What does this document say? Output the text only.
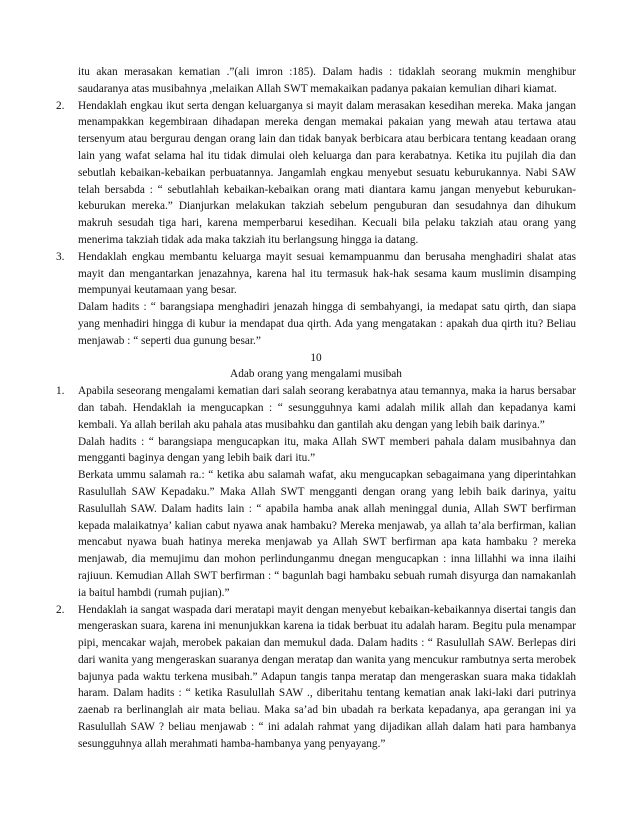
itu akan merasakan kematian .”(ali imron :185). Dalam hadis : tidaklah seorang mukmin menghibur saudaranya atas musibahnya ,melaikan Allah SWT memakaikan padanya pakaian kemulian dihari kiamat.

2. Hendaklah engkau ikut serta dengan keluarganya si mayit dalam merasakan kesedihan mereka. Maka jangan menampakkan kegembiraan dihadapan mereka dengan memakai pakaian yang mewah atau tertawa atau tersenyum atau bergurau dengan orang lain dan tidak banyak berbicara atau berbicara tentang keadaan orang lain yang wafat selama hal itu tidak dimulai oleh keluarga dan para kerabatnya. Ketika itu pujilah dia dan sebutlah kebaikan-kebaikan perbuatannya. Jangamlah engkau menyebut sesuatu keburukannya. Nabi SAW telah bersabda : “ sebutlahlah kebaikan-kebaikan orang mati diantara kamu jangan menyebut keburukan-keburukan mereka.” Dianjurkan melakukan takziah sebelum penguburan dan sesudahnya dan dihukum makruh sesudah tiga hari, karena memperbarui kesedihan. Kecuali bila pelaku takziah atau orang yang menerima takziah tidak ada maka takziah itu berlangsung hingga ia datang.

3. Hendaklah engkau membantu keluarga mayit sesuai kemampuanmu dan berusaha menghadiri shalat atas mayit dan mengantarkan jenazahnya, karena hal itu termasuk hak-hak sesama kaum muslimin disamping mempunyai keutamaan yang besar.

Dalam hadits : “ barangsiapa menghadiri jenazah hingga di sembahyangi, ia medapat satu qirth, dan siapa yang menhadiri hingga di kubur ia mendapat dua qirth. Ada yang mengatakan : apakah dua qirth itu? Beliau menjawab : “ seperti dua gunung besar.”

10

Adab orang yang mengalami musibah

1. Apabila seseorang mengalami kematian dari salah seorang kerabatnya atau temannya, maka ia harus bersabar dan tabah. Hendaklah ia mengucapkan : “ sesungguhnya kami adalah milik allah dan kepadanya kami kembali. Ya allah berilah aku pahala atas musibahku dan gantilah aku dengan yang lebih baik darinya.”

Dalah hadits : “ barangsiapa mengucapkan itu, maka Allah SWT memberi pahala dalam musibahnya dan mengganti baginya dengan yang lebih baik dari itu.”

Berkata ummu salamah ra.: “ ketika abu salamah wafat, aku mengucapkan sebagaimana yang diperintahkan Rasulullah SAW Kepadaku.” Maka Allah SWT mengganti dengan orang yang lebih baik darinya, yaitu Rasulullah SAW. Dalam hadits lain : “ apabila hamba anak allah meninggal dunia, Allah SWT berfirman kepada malaikatnya’ kalian cabut nyawa anak hambaku? Mereka menjawab, ya allah ta’ala berfirman, kalian mencabut nyawa buah hatinya mereka menjawab ya Allah SWT berfirman apa kata hambaku ? mereka menjawab, dia memujimu dan mohon perlindunganmu dnegan mengucapkan : inna lillahhi wa inna ilaihi rajiuun. Kemudian Allah SWT berfirman : “ bagunlah bagi hambaku sebuah rumah disyurga dan namakanlah ia baitul hambdi (rumah pujian).”

2. Hendaklah ia sangat waspada dari meratapi mayit dengan menyebut kebaikan-kebaikannya disertai tangis dan mengeraskan suara, karena ini menunjukkan karena ia tidak berbuat itu adalah haram. Begitu pula menampar pipi, mencakar wajah, merobek pakaian dan memukul dada. Dalam hadits : “ Rasulullah SAW. Berlepas diri dari wanita yang mengeraskan suaranya dengan meratap dan wanita yang mencukur rambutnya serta merobek bajunya pada waktu terkena musibah.” Adapun tangis tanpa meratap dan mengeraskan suara maka tidaklah haram. Dalam hadits : “ ketika Rasulullah SAW ., diberitahu tentang kematian anak laki-laki dari putrinya zaenab ra berlinanglah air mata beliau. Maka sa’ad bin ubadah ra berkata kepadanya, apa gerangan ini ya Rasulullah SAW ? beliau menjawab : “ ini adalah rahmat yang dijadikan allah dalam hati para hambanya sesungguhnya allah merahmati hamba-hambanya yang penyayang.”
